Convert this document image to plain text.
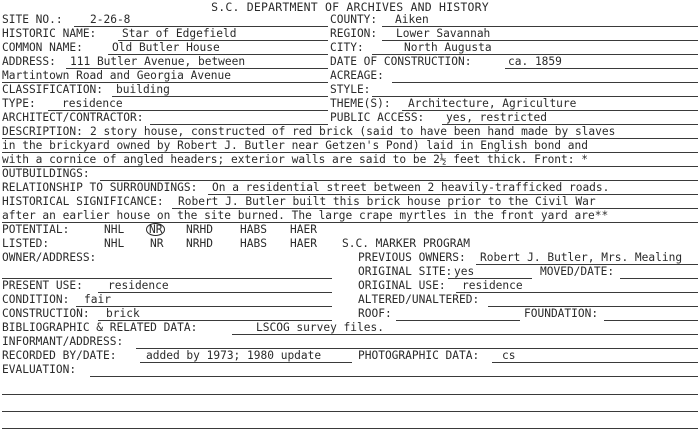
S.C. DEPARTMENT OF ARCHIVES AND HISTORY
SITE NO.: 2-26-8	COUNTY: Aiken
HISTORIC NAME: Star of Edgefield	REGION: Lower Savannah
COMMON NAME:	Old Butler House	CITY:	North Augusta
ADDRESS: 111 Butler Avenue, between	DATE OF CONSTRUCTION:	ca. 1859
Martintown Road and Georgia Avenue	ACREAGE:
CLASSIFICATION: building	STYLE:
TYPE: residence	THEME(S): Architecture, Agriculture
ARCHITECT/CONTRACTOR:	PUBLIC ACCESS: yes, restricted
DESCRIPTION: 2 story house, constructed of red brick (said to have been hand made by slaves
in the brickyard owned by Robert J. Butler near Getzen's Pond) laid in English bond and
with a cornice of angled headers; exterior walls are said to be 2½ feet thick. Front: *
OUTBUILDINGS:
RELATIONSHIP TO SURROUNDINGS: On a residential street between 2 heavily-trafficked roads.
HISTORICAL SIGNIFICANCE: Robert J. Butler built this brick house prior to the Civil War
after an earlier house on the site burned. The large crape myrtles in the front yard are**
POTENTIAL:	NHL NR NRHD HABS HAER
LISTED:	NHL NR NRHD HABS HAER S.C. MARKER PROGRAM
OWNER/ADDRESS:	PREVIOUS OWNERS: Robert J. Butler, Mrs. Mealing
ORIGINAL SITE: yes	MOVED/DATE:
PRESENT USE: residence	ORIGINAL USE: residence
CONDITION: fair	ALTERED/UNALTERED:
CONSTRUCTION: brick	ROOF:	FOUNDATION:
BIBLIOGRAPHIC & RELATED DATA:	LSCOG survey files.
INFORMANT/ADDRESS:
RECORDED BY/DATE:	added by 1973; 1980 update	PHOTOGRAPHIC DATA: cs
EVALUATION:
